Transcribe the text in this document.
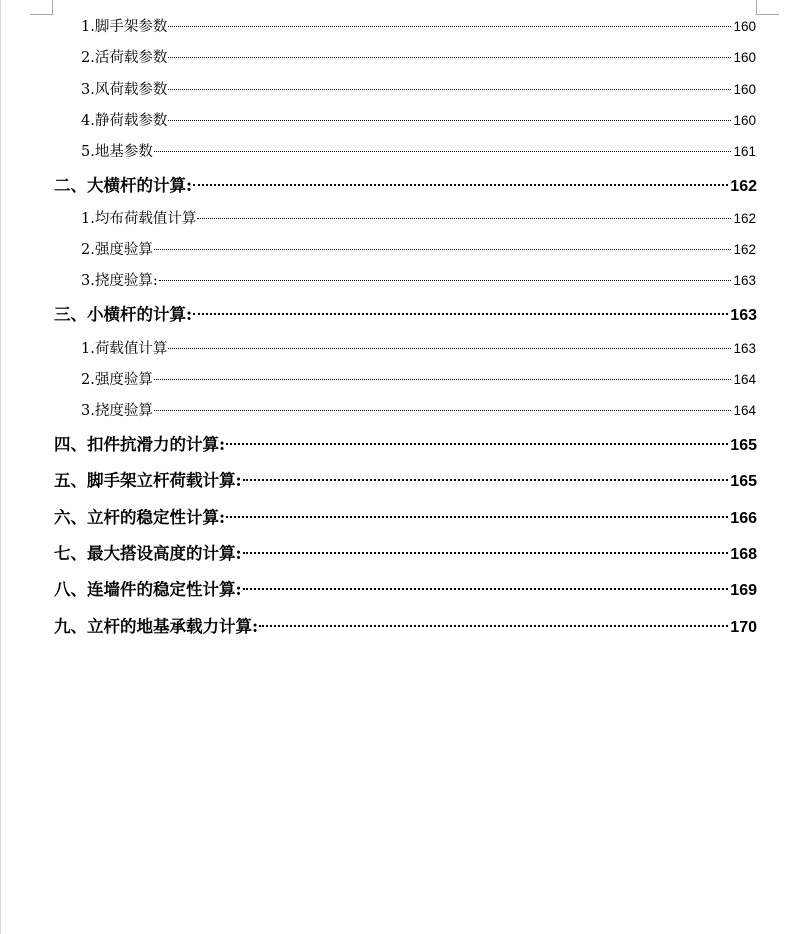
1.脚手架参数	160
2.活荷载参数	160
3.风荷载参数	160
4.静荷载参数	160
5.地基参数	161
二、大横杆的计算:	162
1.均布荷载值计算	162
2.强度验算	162
3.挠度验算:	163
三、小横杆的计算:	163
1.荷载值计算	163
2.强度验算	164
3.挠度验算	164
四、扣件抗滑力的计算:	165
五、脚手架立杆荷载计算:	165
六、立杆的稳定性计算:	166
七、最大搭设高度的计算:	168
八、连墙件的稳定性计算:	169
九、立杆的地基承载力计算:	170
